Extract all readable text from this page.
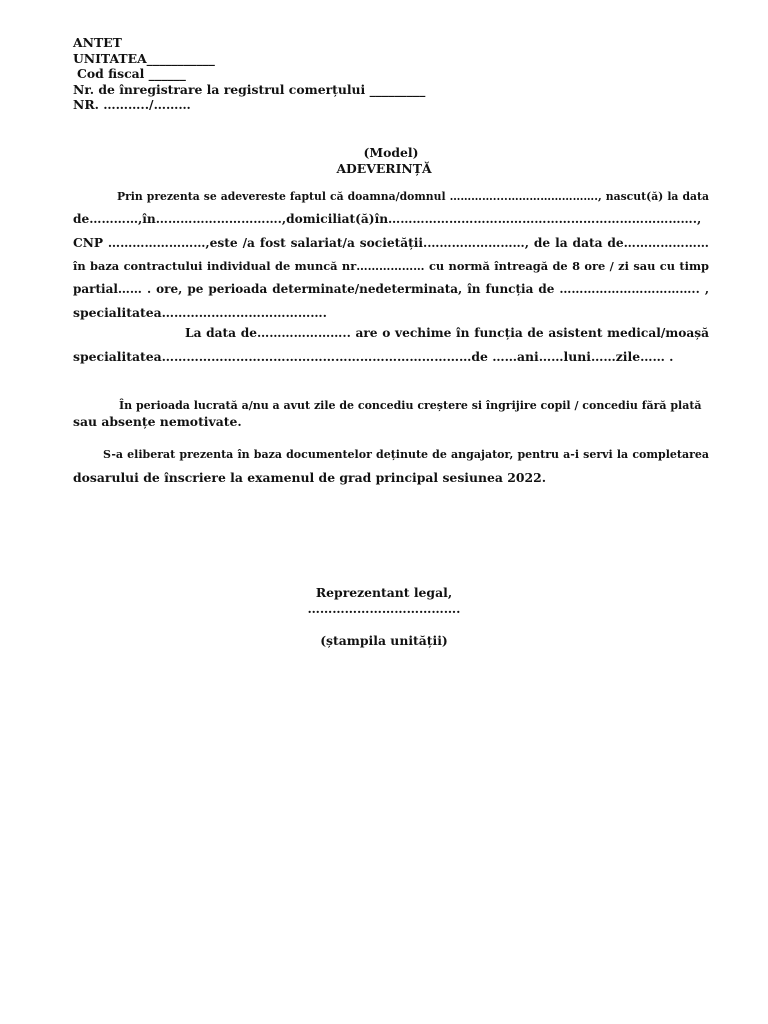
ANTET
UNITATEA___________
Cod fiscal ______
Nr. de înregistrare la registrul comerțului _________
NR. ………../………
(Model)
ADEVERINȚĂ
Prin prezenta se adevereste faptul că doamna/domnul …………....……………………., nascut(ă) la data
de…………,în………………………….,domiciliat(ă)în………………………………………………………………….,
CNP ……………………,este /a fost salariat/a societății.……………………, de la data de…………………
în baza contractului individual de muncă nr……………… cu normă întreagă de 8 ore / zi sau cu timp
partial…… . ore, pe perioada determinate/nedeterminata, în funcția de …………………………….. ,
specialitatea………………………………….
La data de………………….. are o vechime în funcția de asistent medical/moașă
specialitatea…………………………………………………………………de ……ani……luni……zile…… .
În perioada lucrată a/nu a avut zile de concediu creștere si îngrijire copil / concediu fără plată
sau absențe nemotivate.
S-a eliberat prezenta în baza documentelor deținute de angajator, pentru a-i servi la completarea
dosarului de înscriere la examenul de grad principal sesiunea 2022.
Reprezentant legal,
……………………………….
(ștampila unității)
